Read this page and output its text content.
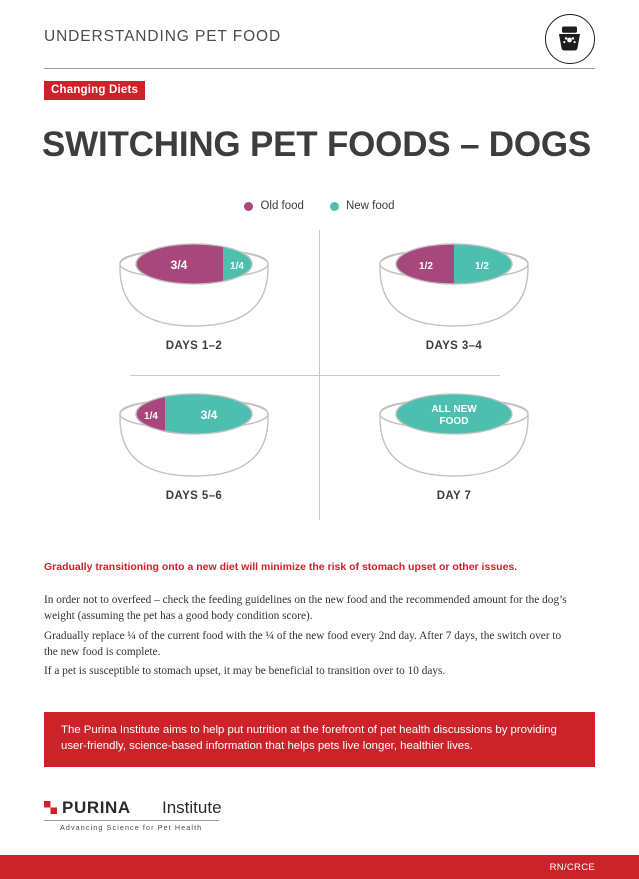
UNDERSTANDING PET FOOD
Changing Diets
SWITCHING PET FOODS – DOGS
Old food	New food
3/4	1/4
DAYS 1–2
1/2	1/2
DAYS 3–4
1/4	3/4
DAYS 5–6
ALL NEW
FOOD
DAY 7
Gradually transitioning onto a new diet will minimize the risk of stomach upset or other issues.
In order not to overfeed – check the feeding guidelines on the new food and the recommended amount for the dog’s weight (assuming the pet has a good body condition score).
Gradually replace ¼ of the current food with the ¼ of the new food every 2nd day. After 7 days, the switch over to the new food is complete.
If a pet is susceptible to stomach upset, it may be beneficial to transition over to 10 days.
The Purina Institute aims to help put nutrition at the forefront of pet health discussions by providing user-friendly, science-based information that helps pets live longer, healthier lives.
PURINA Institute
Advancing Science for Pet Health
RN/CRCE
